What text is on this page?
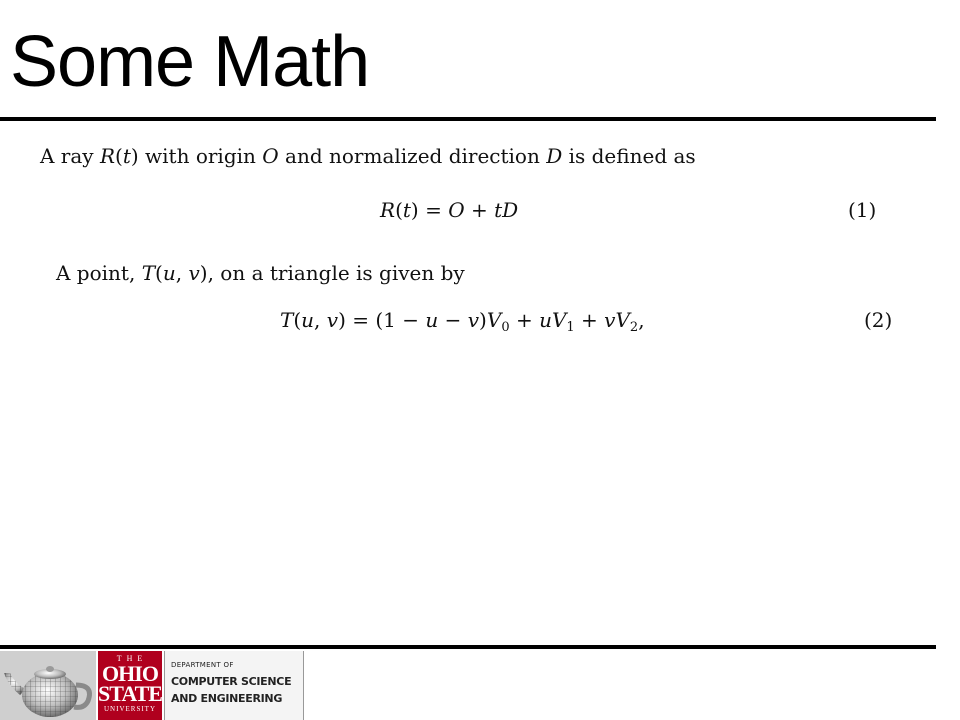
Some Math
A ray R(t) with origin O and normalized direction D is defined as
R(t) = O + tD	(1)
A point, T(u, v), on a triangle is given by
T(u, $v) = (1 - u - v)V_0 + uV_1 + vV_2$,	(2)
THE
OHIO
STATE
UNIVERSITY
DEPARTMENT OF
COMPUTER SCIENCE
AND ENGINEERING
